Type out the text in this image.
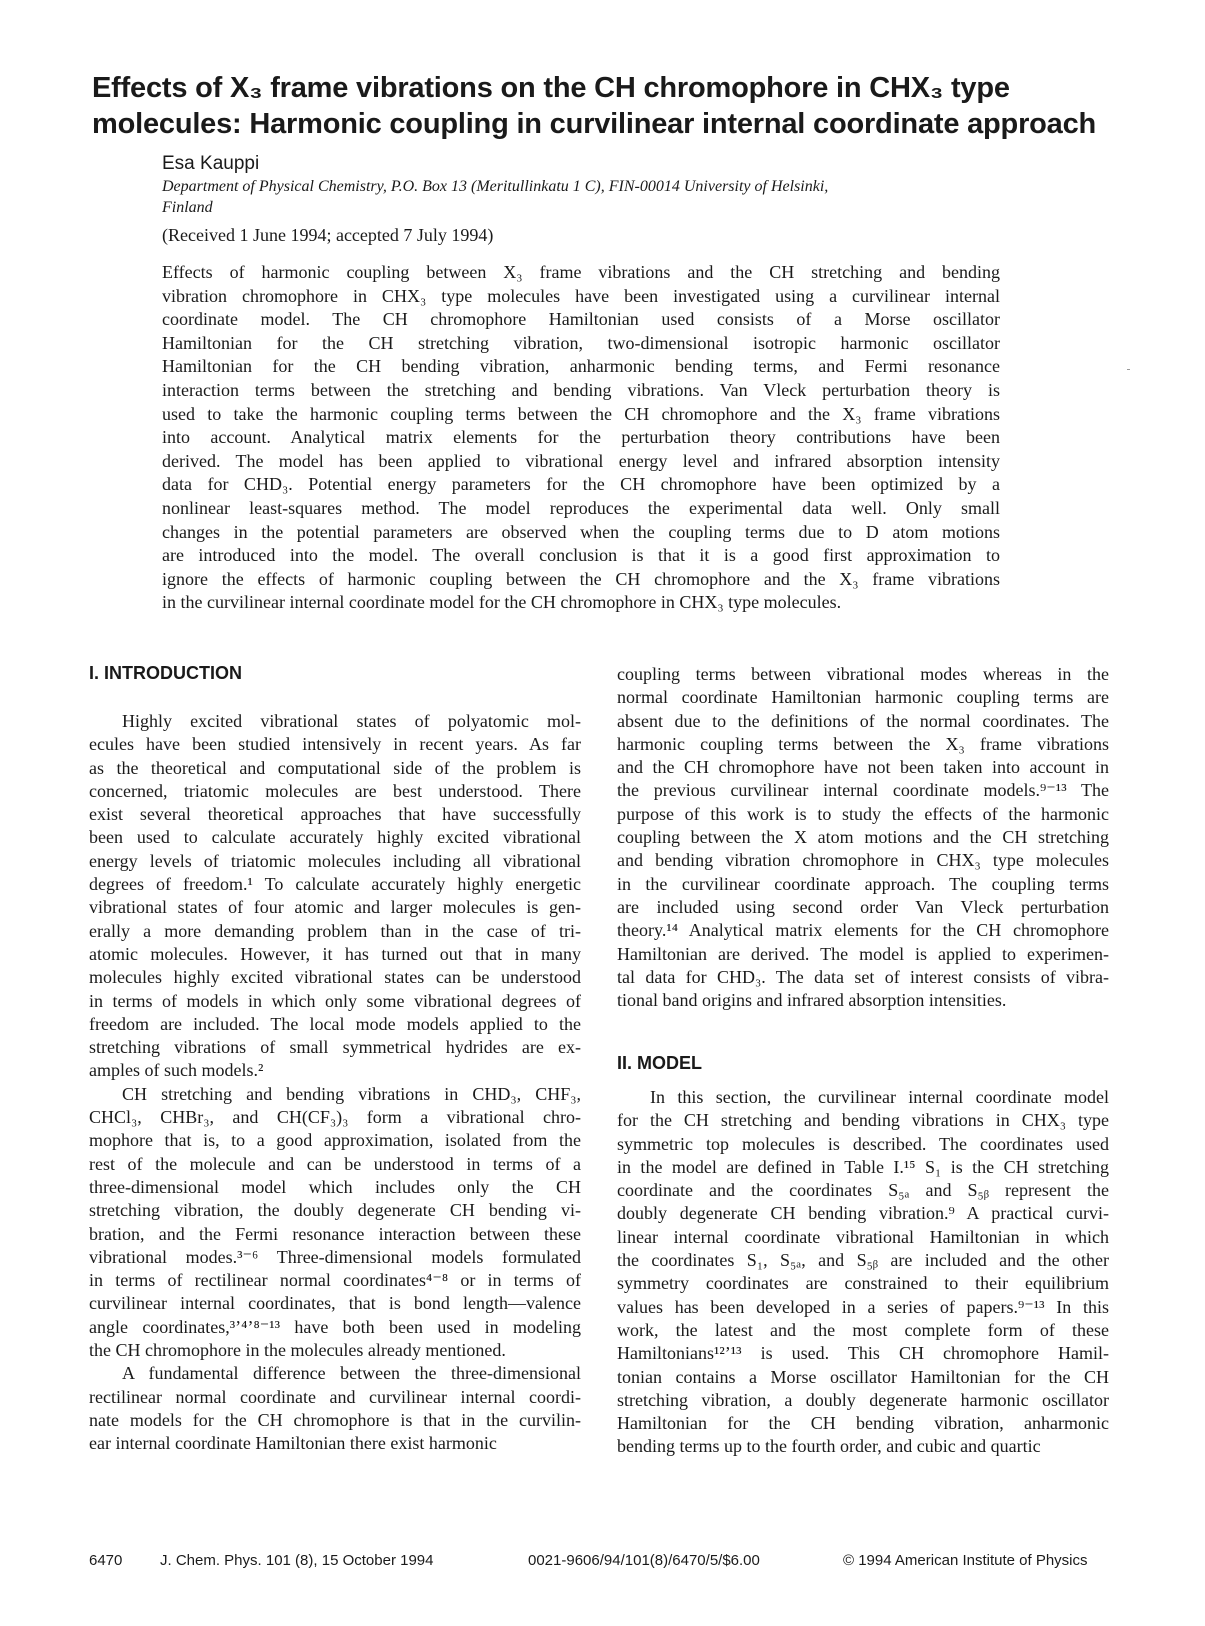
Effects of X₃ frame vibrations on the CH chromophore in CHX₃ type
molecules: Harmonic coupling in curvilinear internal coordinate approach
Esa Kauppi
Department of Physical Chemistry, P.O. Box 13 (Meritullinkatu 1 C), FIN-00014 University of Helsinki,
Finland
(Received 1 June 1994; accepted 7 July 1994)
Effects of harmonic coupling between X₃ frame vibrations and the CH stretching and bending
vibration chromophore in CHX₃ type molecules have been investigated using a curvilinear internal
coordinate model. The CH chromophore Hamiltonian used consists of a Morse oscillator
Hamiltonian for the CH stretching vibration, two-dimensional isotropic harmonic oscillator
Hamiltonian for the CH bending vibration, anharmonic bending terms, and Fermi resonance
interaction terms between the stretching and bending vibrations. Van Vleck perturbation theory is
used to take the harmonic coupling terms between the CH chromophore and the X₃ frame vibrations
into account. Analytical matrix elements for the perturbation theory contributions have been
derived. The model has been applied to vibrational energy level and infrared absorption intensity
data for CHD₃. Potential energy parameters for the CH chromophore have been optimized by a
nonlinear least-squares method. The model reproduces the experimental data well. Only small
changes in the potential parameters are observed when the coupling terms due to D atom motions
are introduced into the model. The overall conclusion is that it is a good first approximation to
ignore the effects of harmonic coupling between the CH chromophore and the X₃ frame vibrations
in the curvilinear internal coordinate model for the CH chromophore in CHX₃ type molecules.
I. INTRODUCTION
Highly excited vibrational states of polyatomic mol-
ecules have been studied intensively in recent years. As far
as the theoretical and computational side of the problem is
concerned, triatomic molecules are best understood. There
exist several theoretical approaches that have successfully
been used to calculate accurately highly excited vibrational
energy levels of triatomic molecules including all vibrational
degrees of freedom.¹ To calculate accurately highly energetic
vibrational states of four atomic and larger molecules is gen-
erally a more demanding problem than in the case of tri-
atomic molecules. However, it has turned out that in many
molecules highly excited vibrational states can be understood
in terms of models in which only some vibrational degrees of
freedom are included. The local mode models applied to the
stretching vibrations of small symmetrical hydrides are ex-
amples of such models.²
CH stretching and bending vibrations in CHD₃, CHF₃,
CHCl₃, CHBr₃, and CH(CF₃)₃ form a vibrational chro-
mophore that is, to a good approximation, isolated from the
rest of the molecule and can be understood in terms of a
three-dimensional model which includes only the CH
stretching vibration, the doubly degenerate CH bending vi-
bration, and the Fermi resonance interaction between these
vibrational modes.³⁻⁶ Three-dimensional models formulated
in terms of rectilinear normal coordinates⁴⁻⁸ or in terms of
curvilinear internal coordinates, that is bond length—valence
angle coordinates,³ʼ⁴ʼ⁸⁻¹³ have both been used in modeling
the CH chromophore in the molecules already mentioned.
A fundamental difference between the three-dimensional
rectilinear normal coordinate and curvilinear internal coordi-
nate models for the CH chromophore is that in the curvilin-
ear internal coordinate Hamiltonian there exist harmonic
coupling terms between vibrational modes whereas in the
normal coordinate Hamiltonian harmonic coupling terms are
absent due to the definitions of the normal coordinates. The
harmonic coupling terms between the X₃ frame vibrations
and the CH chromophore have not been taken into account in
the previous curvilinear internal coordinate models.⁹⁻¹³ The
purpose of this work is to study the effects of the harmonic
coupling between the X atom motions and the CH stretching
and bending vibration chromophore in CHX₃ type molecules
in the curvilinear coordinate approach. The coupling terms
are included using second order Van Vleck perturbation
theory.¹⁴ Analytical matrix elements for the CH chromophore
Hamiltonian are derived. The model is applied to experimen-
tal data for CHD₃. The data set of interest consists of vibra-
tional band origins and infrared absorption intensities.
II. MODEL
In this section, the curvilinear internal coordinate model
for the CH stretching and bending vibrations in CHX₃ type
symmetric top molecules is described. The coordinates used
in the model are defined in Table I.¹⁵ S₁ is the CH stretching
coordinate and the coordinates S₅ₐ and S₅ᵦ represent the
doubly degenerate CH bending vibration.⁹ A practical curvi-
linear internal coordinate vibrational Hamiltonian in which
the coordinates S₁, S₅ₐ, and S₅ᵦ are included and the other
symmetry coordinates are constrained to their equilibrium
values has been developed in a series of papers.⁹⁻¹³ In this
work, the latest and the most complete form of these
Hamiltonians¹²ʼ¹³ is used. This CH chromophore Hamil-
tonian contains a Morse oscillator Hamiltonian for the CH
stretching vibration, a doubly degenerate harmonic oscillator
Hamiltonian for the CH bending vibration, anharmonic
bending terms up to the fourth order, and cubic and quartic
6470	J. Chem. Phys. 101 (8), 15 October 1994	0021-9606/94/101(8)/6470/5/$6.00	© 1994 American Institute of Physics
